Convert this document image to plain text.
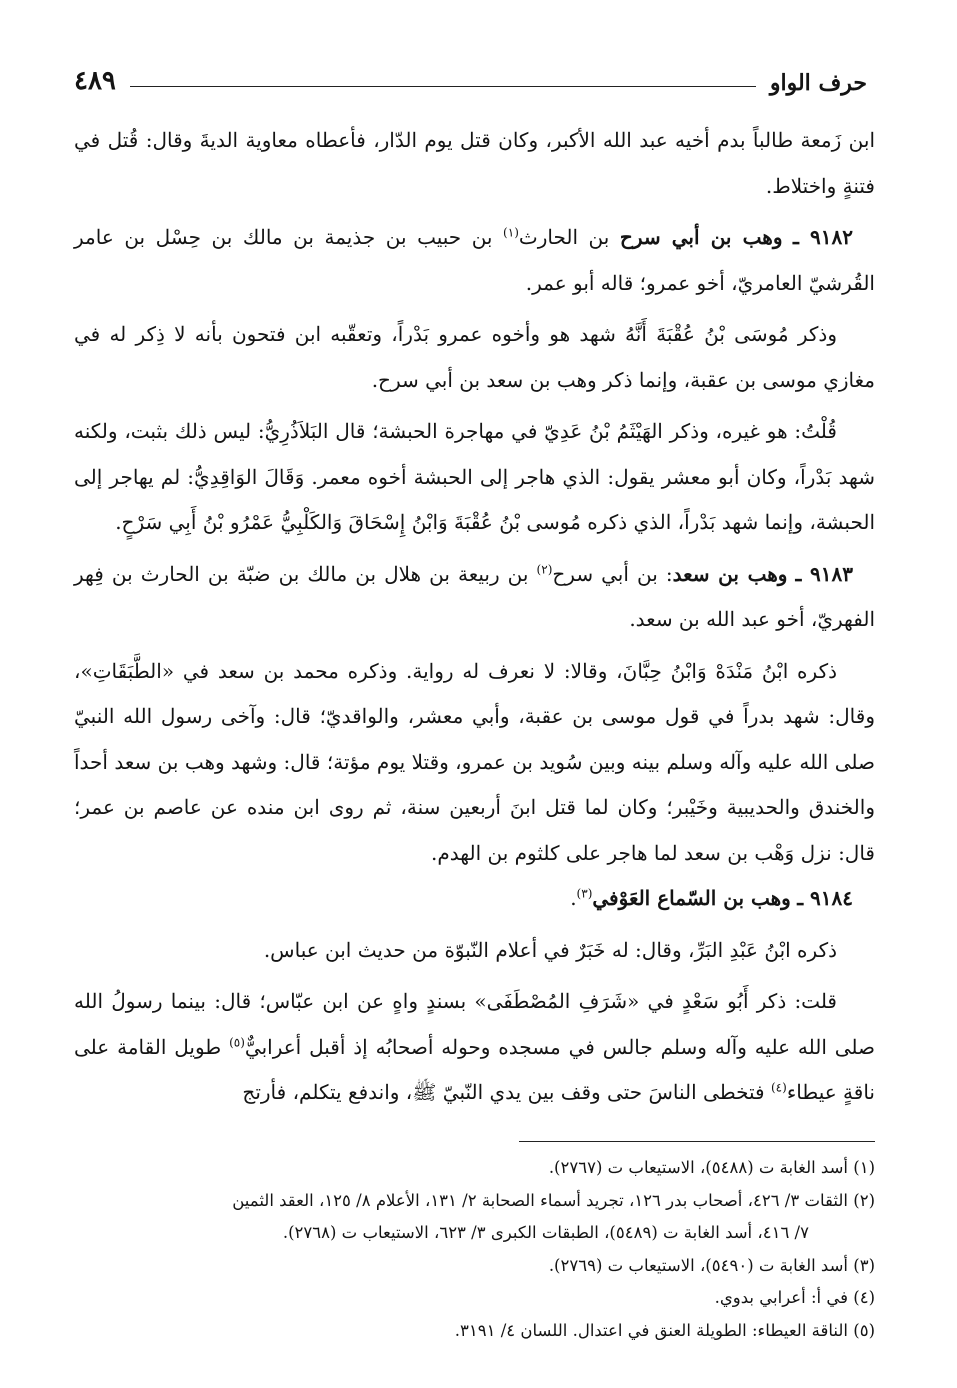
حرف الواو
٤٨٩

ابن زَمعة طالباً بدم أخيه عبد الله الأكبر، وكان قتل يوم الدّار، فأعطاه معاوية الديةَ وقال: قُتل في فتنةٍ واختلاط.

٩١٨٢ ـ وهب بن أبي سرح بن الحارث$^{(١)}$ بن حبيب بن جذيمة بن مالك بن حِسْل بن عامر القُرشيّ العامريّ، أخو عمرو؛ قاله أبو عمر.

وذكر مُوسَى بْنُ عُقْبَةَ أَنَّهُ شهد هو وأخوه عمرو بَدْراً، وتعقّبه ابن فتحون بأنه لا ذِكر له في مغازي موسى بن عقبة، وإنما ذكر وهب بن سعد بن أبي سرح.

قُلْتُ: هو غيره، وذكر الهَيْثَمُ بْنُ عَدِيّ في مهاجرة الحبشة؛ قال البَلاَذُرِيُّ: ليس ذلك بثبت، ولكنه شهد بَدْراً، وكان أبو معشر يقول: الذي هاجر إلى الحبشة أخوه معمر. وَقَالَ الوَاقِدِيُّ: لم يهاجر إلى الحبشة، وإنما شهد بَدْراً، الذي ذكره مُوسى بْنُ عُقْبَةَ وَابْنُ إِسْحَاقَ وَالكَلْبِيُّ عَمْرُو بْنُ أَبِي سَرْحٍ.

٩١٨٣ ـ وهب بن سعد: بن أبي سرح$^{(٢)}$ بن ربيعة بن هلال بن مالك بن ضبّة بن الحارث بن فِهر الفهريّ، أخو عبد الله بن سعد.

ذكره ابْنُ مَنْدَهْ وَابْنُ حِبَّانَ، وقالا: لا نعرف له رواية. وذكره محمد بن سعد في «الطَّبَقَاتِ»، وقال: شهد بدراً في قول موسى بن عقبة، وأبي معشر، والواقديّ؛ قال: وآخى رسول الله النبيّ صلى الله عليه وآله وسلم بينه وبين سُويد بن عمرو، وقتلا يوم مؤتة؛ قال: وشهد وهب بن سعد أحداً والخندق والحديبية وخَيْبر؛ وكان لما قتل ابنَ أربعين سنة، ثم روى ابن منده عن عاصم بن عمر؛ قال: نزل وَهْب بن سعد لما هاجر على كلثوم بن الهدم.

٩١٨٤ ـ وهب بن السّماع العَوْفي$^{(٣)}$.

ذكره ابْنُ عَبْدِ البَرِّ، وقال: له خَبَرٌ في أعلام النّبوّة من حديث ابن عباس.

قلت: ذكر أَبُو سَعْدٍ في «شَرَفِ المُصْطَفَى» بسندٍ واهٍ عن ابن عبّاس؛ قال: بينما رسولُ الله صلى الله عليه وآله وسلم جالس في مسجده وحوله أصحابُه إذ أقبل أعرابيٌّ$^{(٥)}$ طويل القامة على ناقةٍ عيطاء$^{(٤)}$ فتخطى الناسَ حتى وقف بين يدي النّبيّ ﷺ، واندفع يتكلم، فأرتج

(١) أسد الغابة ت (٥٤٨٨)، الاستيعاب ت (٢٧٦٧).

(٢) الثقات ٣/ ٤٢٦، أصحاب بدر ١٢٦، تجريد أسماء الصحابة ٢/ ١٣١، الأعلام ٨/ ١٢٥، العقد الثمين

٧/ ٤١٦، أسد الغابة ت (٥٤٨٩)، الطبقات الكبرى ٣/ ٦٢٣، الاستيعاب ت (٢٧٦٨).

(٣) أسد الغابة ت (٥٤٩٠)، الاستيعاب ت (٢٧٦٩).

(٤) في أ: أعرابي بدوي.

(٥) الناقة العيطاء: الطويلة العنق في اعتدال. اللسان ٤/ ٣١٩١.
